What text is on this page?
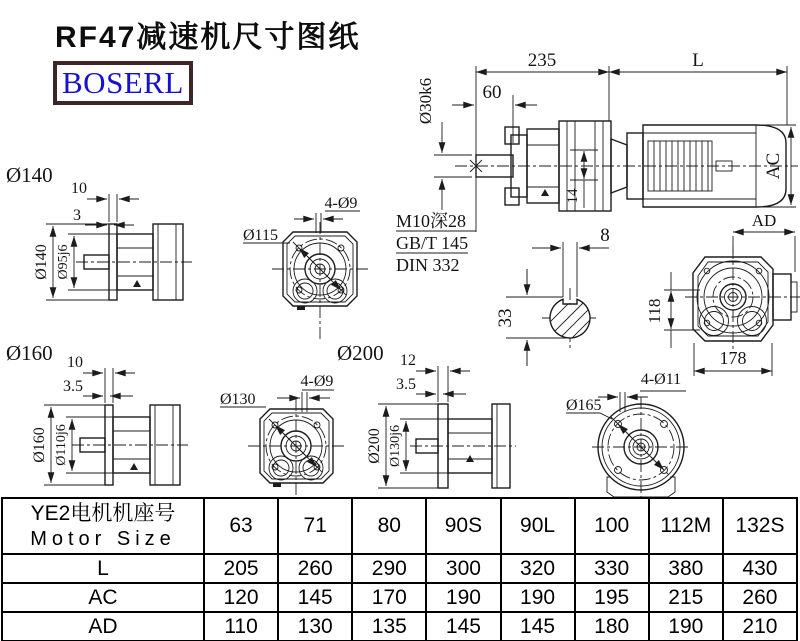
RF47减速机尺寸图纸
BOSERL
235	L
60
Ø30k6
14
AC
M10深28
GB/T 145
DIN 332
8
33
AD
118
178
Ø140
10
3
Ø140 Ø95j6
Ø115
4-Ø9
Ø160 10
3.5
Ø160 Ø110j6
Ø130
4-Ø9
Ø200 12
3.5
Ø200 Ø130j6
Ø165
4-Ø11
YE2电机机座号
Motor Size	63	71	80	90S	90L	100	112M	132S
L	205	260	290	300	320	330	380	430
AC	120	145	170	190	190	195	215	260
AD	110	130	135	145	145	180	190	210
